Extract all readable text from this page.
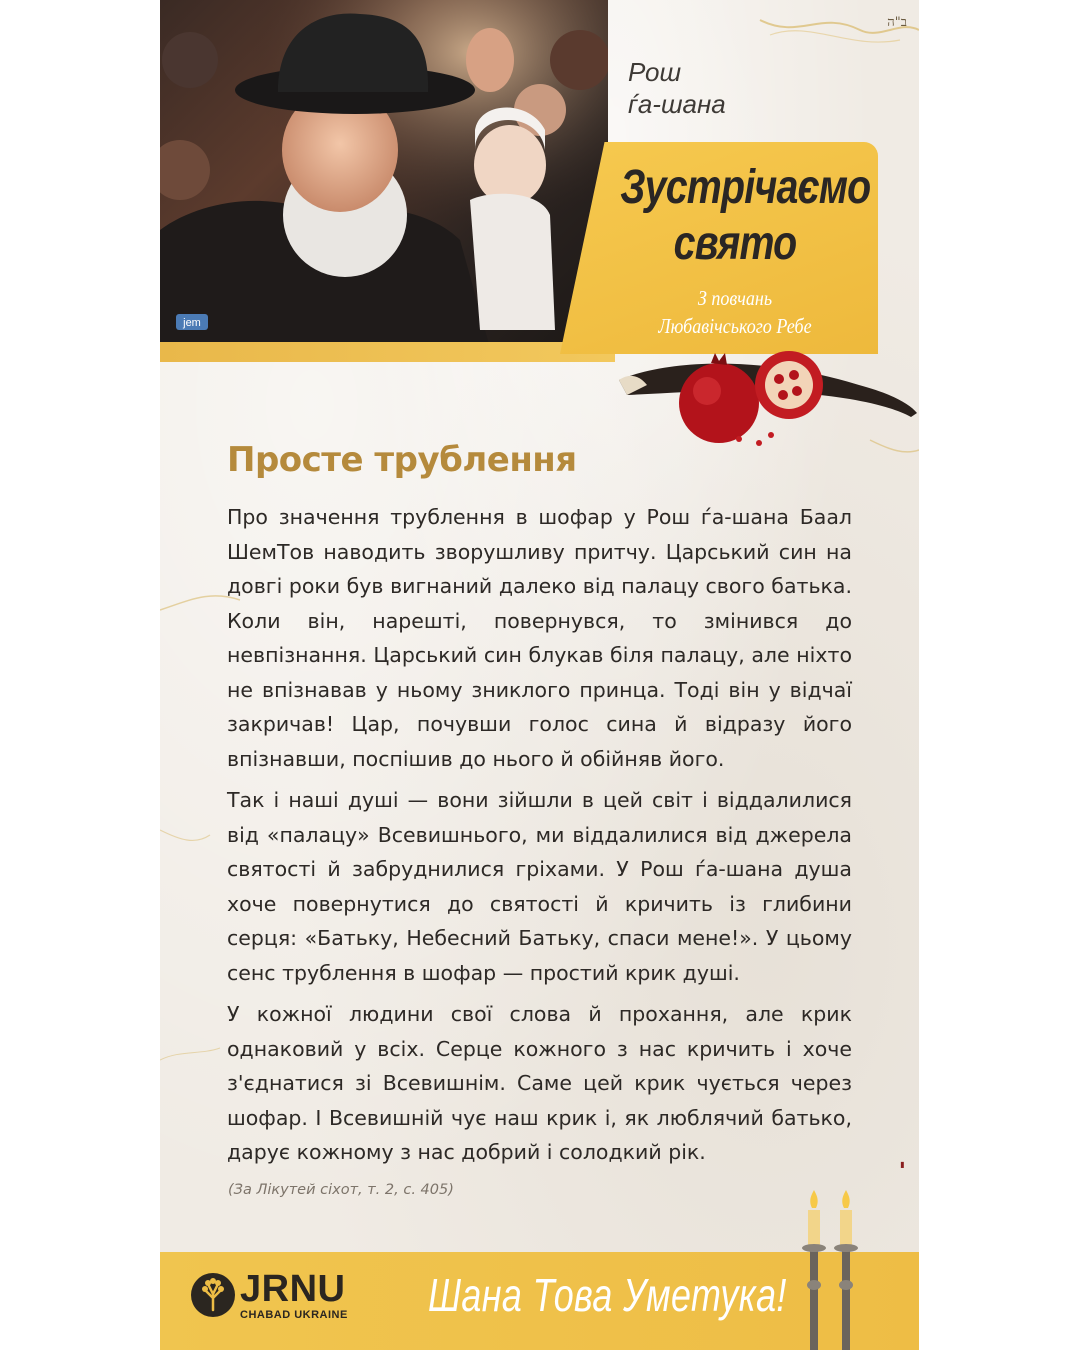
jem
ב"ה
Рош
ѓа-шана
Зустрічаємо
свято
З повчань
Любавічського Ребе
Просте трублення

Про значення трублення в шофар у Рош ѓа-шана Баал ШемТов наводить зворушливу притчу. Царський син на довгі роки був вигнаний далеко від палацу свого батька. Коли він, нарешті, повернувся, то змінився до невпізнання. Царський син блукав біля палацу, але ніхто не впізнавав у ньому зниклого принца. Тоді він у відчаї закричав! Цар, почувши голос сина й відразу його впізнавши, поспішив до нього й обійняв його.

Так і наші душі — вони зійшли в цей світ і віддалилися від «палацу» Всевишнього, ми віддалилися від джерела святості й забруднилися гріхами. У Рош ѓа-шана душа хоче повернутися до святості й кричить із глибини серця: «Батьку, Небесний Батьку, спаси мене!». У цьому сенс трублення в шофар — простий крик душі.

У кожної людини свої слова й прохання, але крик однаковий у всіх. Серце кожного з нас кричить і хоче з'єднатися зі Всевишнім. Саме цей крик чується через шофар. І Всевишній чує наш крик і, як люблячий батько, дарує кожному з нас добрий і солодкий рік.

(За Лікутей сіхот, т. 2, с. 405)
▮
JRNU
CHABAD UKRAINE Шана Това Уметука!
